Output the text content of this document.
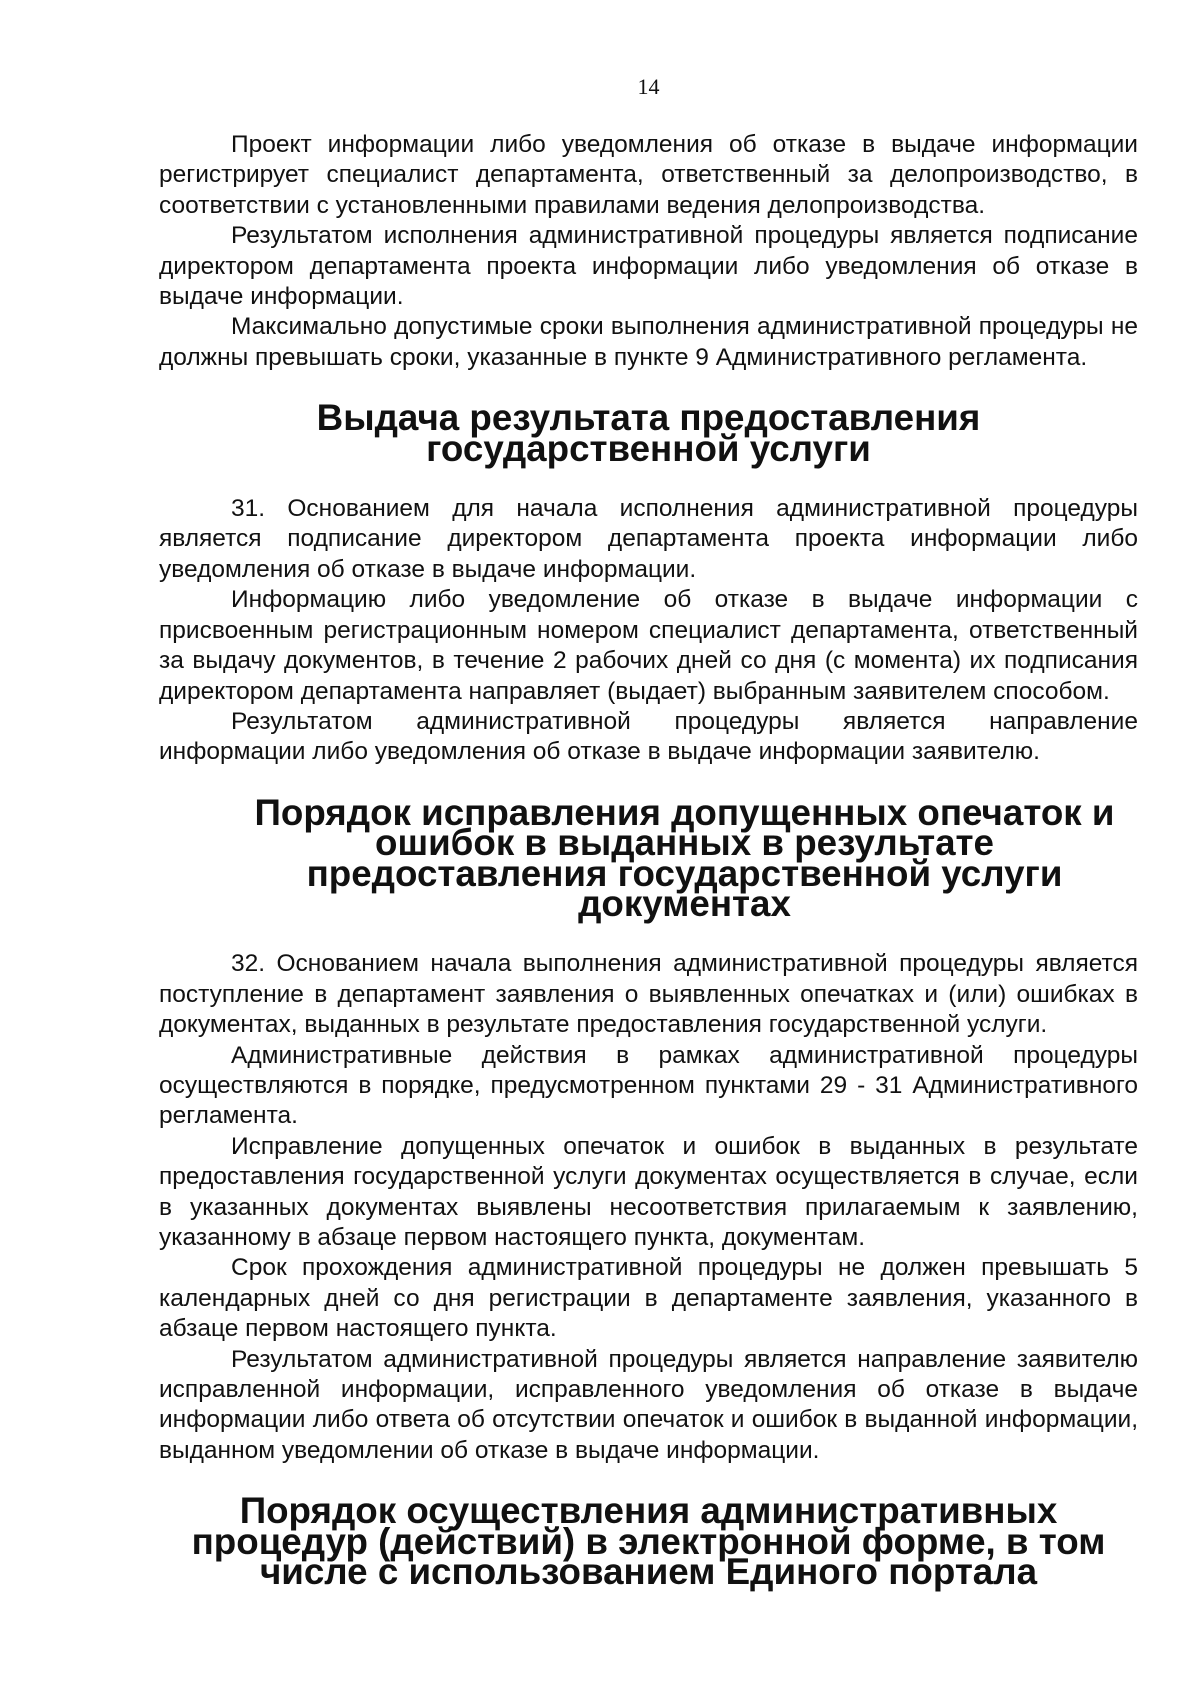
14

Проект информации либо уведомления об отказе в выдаче информации регистрирует специалист департамента, ответственный за делопроизводство, в соответствии с установленными правилами ведения делопроизводства.

Результатом исполнения административной процедуры является подписание директором департамента проекта информации либо уведомления об отказе в выдаче информации.

Максимально допустимые сроки выполнения административной процедуры не должны превышать сроки, указанные в пункте 9 Административного регламента.

Выдача результата предоставления государственной услуги

31. Основанием для начала исполнения административной процедуры является подписание директором департамента проекта информации либо уведомления об отказе в выдаче информации.

Информацию либо уведомление об отказе в выдаче информации с присвоенным регистрационным номером специалист департамента, ответственный за выдачу документов, в течение 2 рабочих дней со дня (с момента) их подписания директором департамента направляет (выдает) выбранным заявителем способом.

Результатом административной процедуры является направление информации либо уведомления об отказе в выдаче информации заявителю.

Порядок исправления допущенных опечаток и ошибок в выданных в результате предоставления государственной услуги документах

32. Основанием начала выполнения административной процедуры является поступление в департамент заявления о выявленных опечатках и (или) ошибках в документах, выданных в результате предоставления государственной услуги.

Административные действия в рамках административной процедуры осуществляются в порядке, предусмотренном пунктами 29 - 31 Административного регламента.

Исправление допущенных опечаток и ошибок в выданных в результате предоставления государственной услуги документах осуществляется в случае, если в указанных документах выявлены несоответствия прилагаемым к заявлению, указанному в абзаце первом настоящего пункта, документам.

Срок прохождения административной процедуры не должен превышать 5 календарных дней со дня регистрации в департаменте заявления, указанного в абзаце первом настоящего пункта.

Результатом административной процедуры является направление заявителю исправленной информации, исправленного уведомления об отказе в выдаче информации либо ответа об отсутствии опечаток и ошибок в выданной информации, выданном уведомлении об отказе в выдаче информации.

Порядок осуществления административных процедур (действий) в электронной форме, в том числе с использованием Единого портала
